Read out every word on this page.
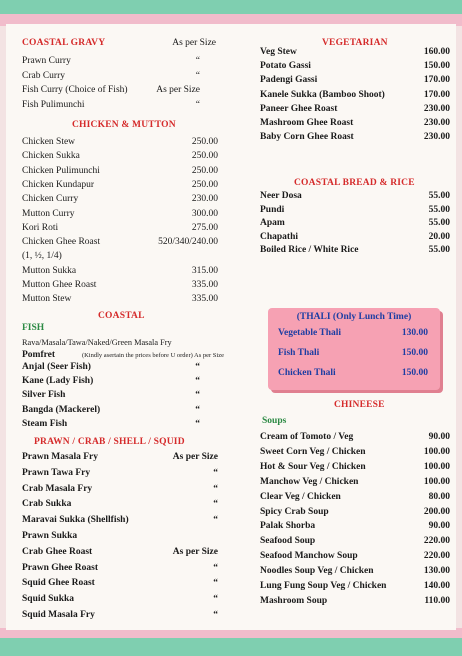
COASTAL GRAVY	As per Size
Prawn Curry	“
Crab Curry	“
Fish Curry (Choice of Fish)	As per Size
Fish Pulimunchi	“
CHICKEN & MUTTON
Chicken Stew	250.00
Chicken Sukka	250.00
Chicken Pulimunchi	250.00
Chicken Kundapur	250.00
Chicken Curry	230.00
Mutton Curry	300.00
Kori Roti	275.00
Chicken Ghee Roast	520/340/240.00
(1, ½, 1/4)
Mutton Sukka	315.00
Mutton Ghee Roast	335.00
Mutton Stew	335.00
COASTAL
FISH
Rava/Masala/Tawa/Naked/Green Masala Fry
Pomfret	(Kindly asertain the prices before U order) As per Size
Anjal (Seer Fish)	“
Kane (Lady Fish)	“
Silver Fish	“
Bangda (Mackerel)	“
Steam Fish	“
PRAWN / CRAB / SHELL / SQUID
Prawn Masala Fry	As per Size
Prawn Tawa Fry	“
Crab Masala Fry	“
Crab Sukka	“
Maravai Sukka (Shellfish)	“
Prawn Sukka
Crab Ghee Roast	As per Size
Prawn Ghee Roast	“
Squid Ghee Roast	“
Squid Sukka	“
Squid Masala Fry	“
VEGETARIAN
Veg Stew	160.00
Potato Gassi	150.00
Padengi Gassi	170.00
Kanele Sukka (Bamboo Shoot)	170.00
Paneer Ghee Roast	230.00
Mashroom Ghee Roast	230.00
Baby Corn Ghee Roast	230.00
COASTAL BREAD & RICE
Neer Dosa	55.00
Pundi	55.00
Apam	55.00
Chapathi	20.00
Boiled Rice / White Rice	55.00
CHINEESE
Soups
Cream of Tomoto / Veg	90.00
Sweet Corn Veg / Chicken	100.00
Hot & Sour Veg / Chicken	100.00
Manchow Veg / Chicken	100.00
Clear Veg / Chicken	80.00
Spicy Crab Soup	200.00
Palak Shorba	90.00
Seafood Soup	220.00
Seafood Manchow Soup	220.00
Noodles Soup Veg / Chicken	130.00
Lung Fung Soup Veg / Chicken	140.00
Mashroom Soup	110.00
(THALI (Only Lunch Time)
Vegetable Thali	130.00
Fish Thali	150.00
Chicken Thali	150.00
